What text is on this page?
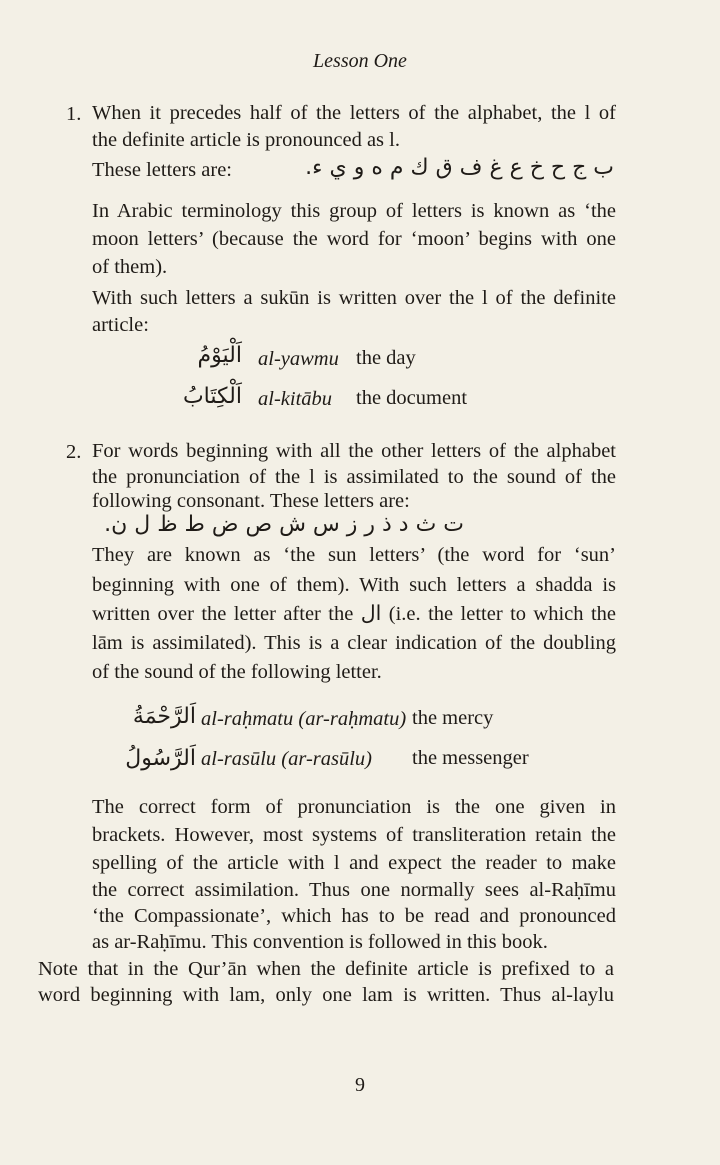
Lesson One
1. When it precedes half of the letters of the alphabet, the l of
the definite article is pronounced as l.
These letters are:	ب ج ح خ ع غ ف ق ك م ه و ي ء.
In Arabic terminology this group of letters is known as ‘the
moon letters’ (because the word for ‘moon’ begins with one
of them).
With such letters a sukūn is written over the l of the definite
article:
اَلْيَوْمُ al-yawmu the day
اَلْكِتَابُ al-kitābu the document
2. For words beginning with all the other letters of the alphabet
the pronunciation of the l is assimilated to the sound of the
following consonant. These letters are:
ت ث د ذ ر ز س ش ص ض ط ظ ل ن.
They are known as ‘the sun letters’ (the word for ‘sun’
beginning with one of them). With such letters a shadda is
written over the letter after the ال (i.e. the letter to which the
lām is assimilated). This is a clear indication of the doubling
of the sound of the following letter.
اَلرَّحْمَةُ al-raḥmatu (ar-raḥmatu) the mercy
اَلرَّسُولُ al-rasūlu (ar-rasūlu) the messenger
The correct form of pronunciation is the one given in
brackets. However, most systems of transliteration retain the
spelling of the article with l and expect the reader to make
the correct assimilation. Thus one normally sees al-Raḥīmu
‘the Compassionate’, which has to be read and pronounced
as ar-Raḥīmu. This convention is followed in this book.
Note that in the Qur’ān when the definite article is prefixed to a
word beginning with lam, only one lam is written. Thus al-laylu
9
